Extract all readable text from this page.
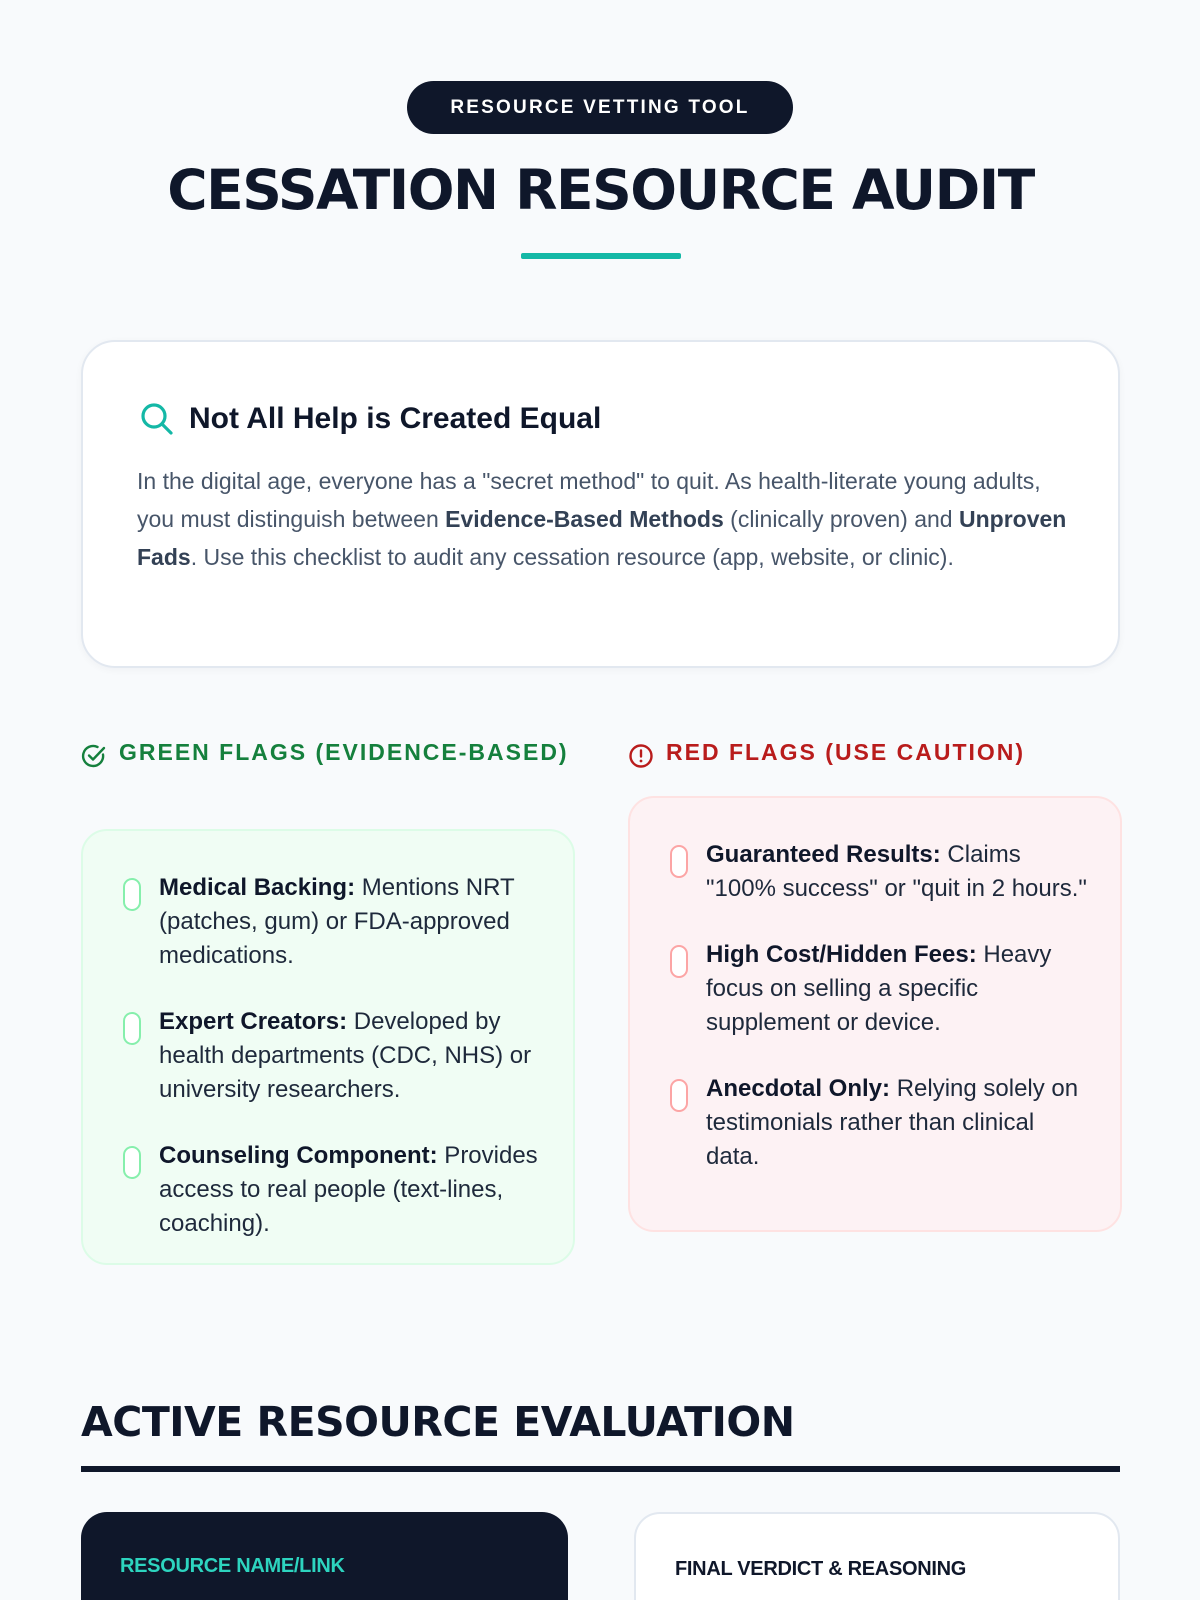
RESOURCE VETTING TOOL
CESSATION RESOURCE AUDIT
Not All Help is Created Equal

In the digital age, everyone has a "secret method" to quit. As health-literate young adults, you must distinguish between Evidence-Based Methods (clinically proven) and Unproven Fads. Use this checklist to audit any cessation resource (app, website, or clinic).

GREEN FLAGS (EVIDENCE-BASED)
Medical Backing: Mentions NRT (patches, gum) or FDA-approved medications.
Expert Creators: Developed by health departments (CDC, NHS) or university researchers.
Counseling Component: Provides access to real people (text-lines, coaching).
RED FLAGS (USE CAUTION)
Guaranteed Results: Claims "100% success" or "quit in 2 hours."
High Cost/Hidden Fees: Heavy focus on selling a specific supplement or device.
Anecdotal Only: Relying solely on testimonials rather than clinical data.
ACTIVE RESOURCE EVALUATION
RESOURCE NAME/LINK	FINAL VERDICT & REASONING
